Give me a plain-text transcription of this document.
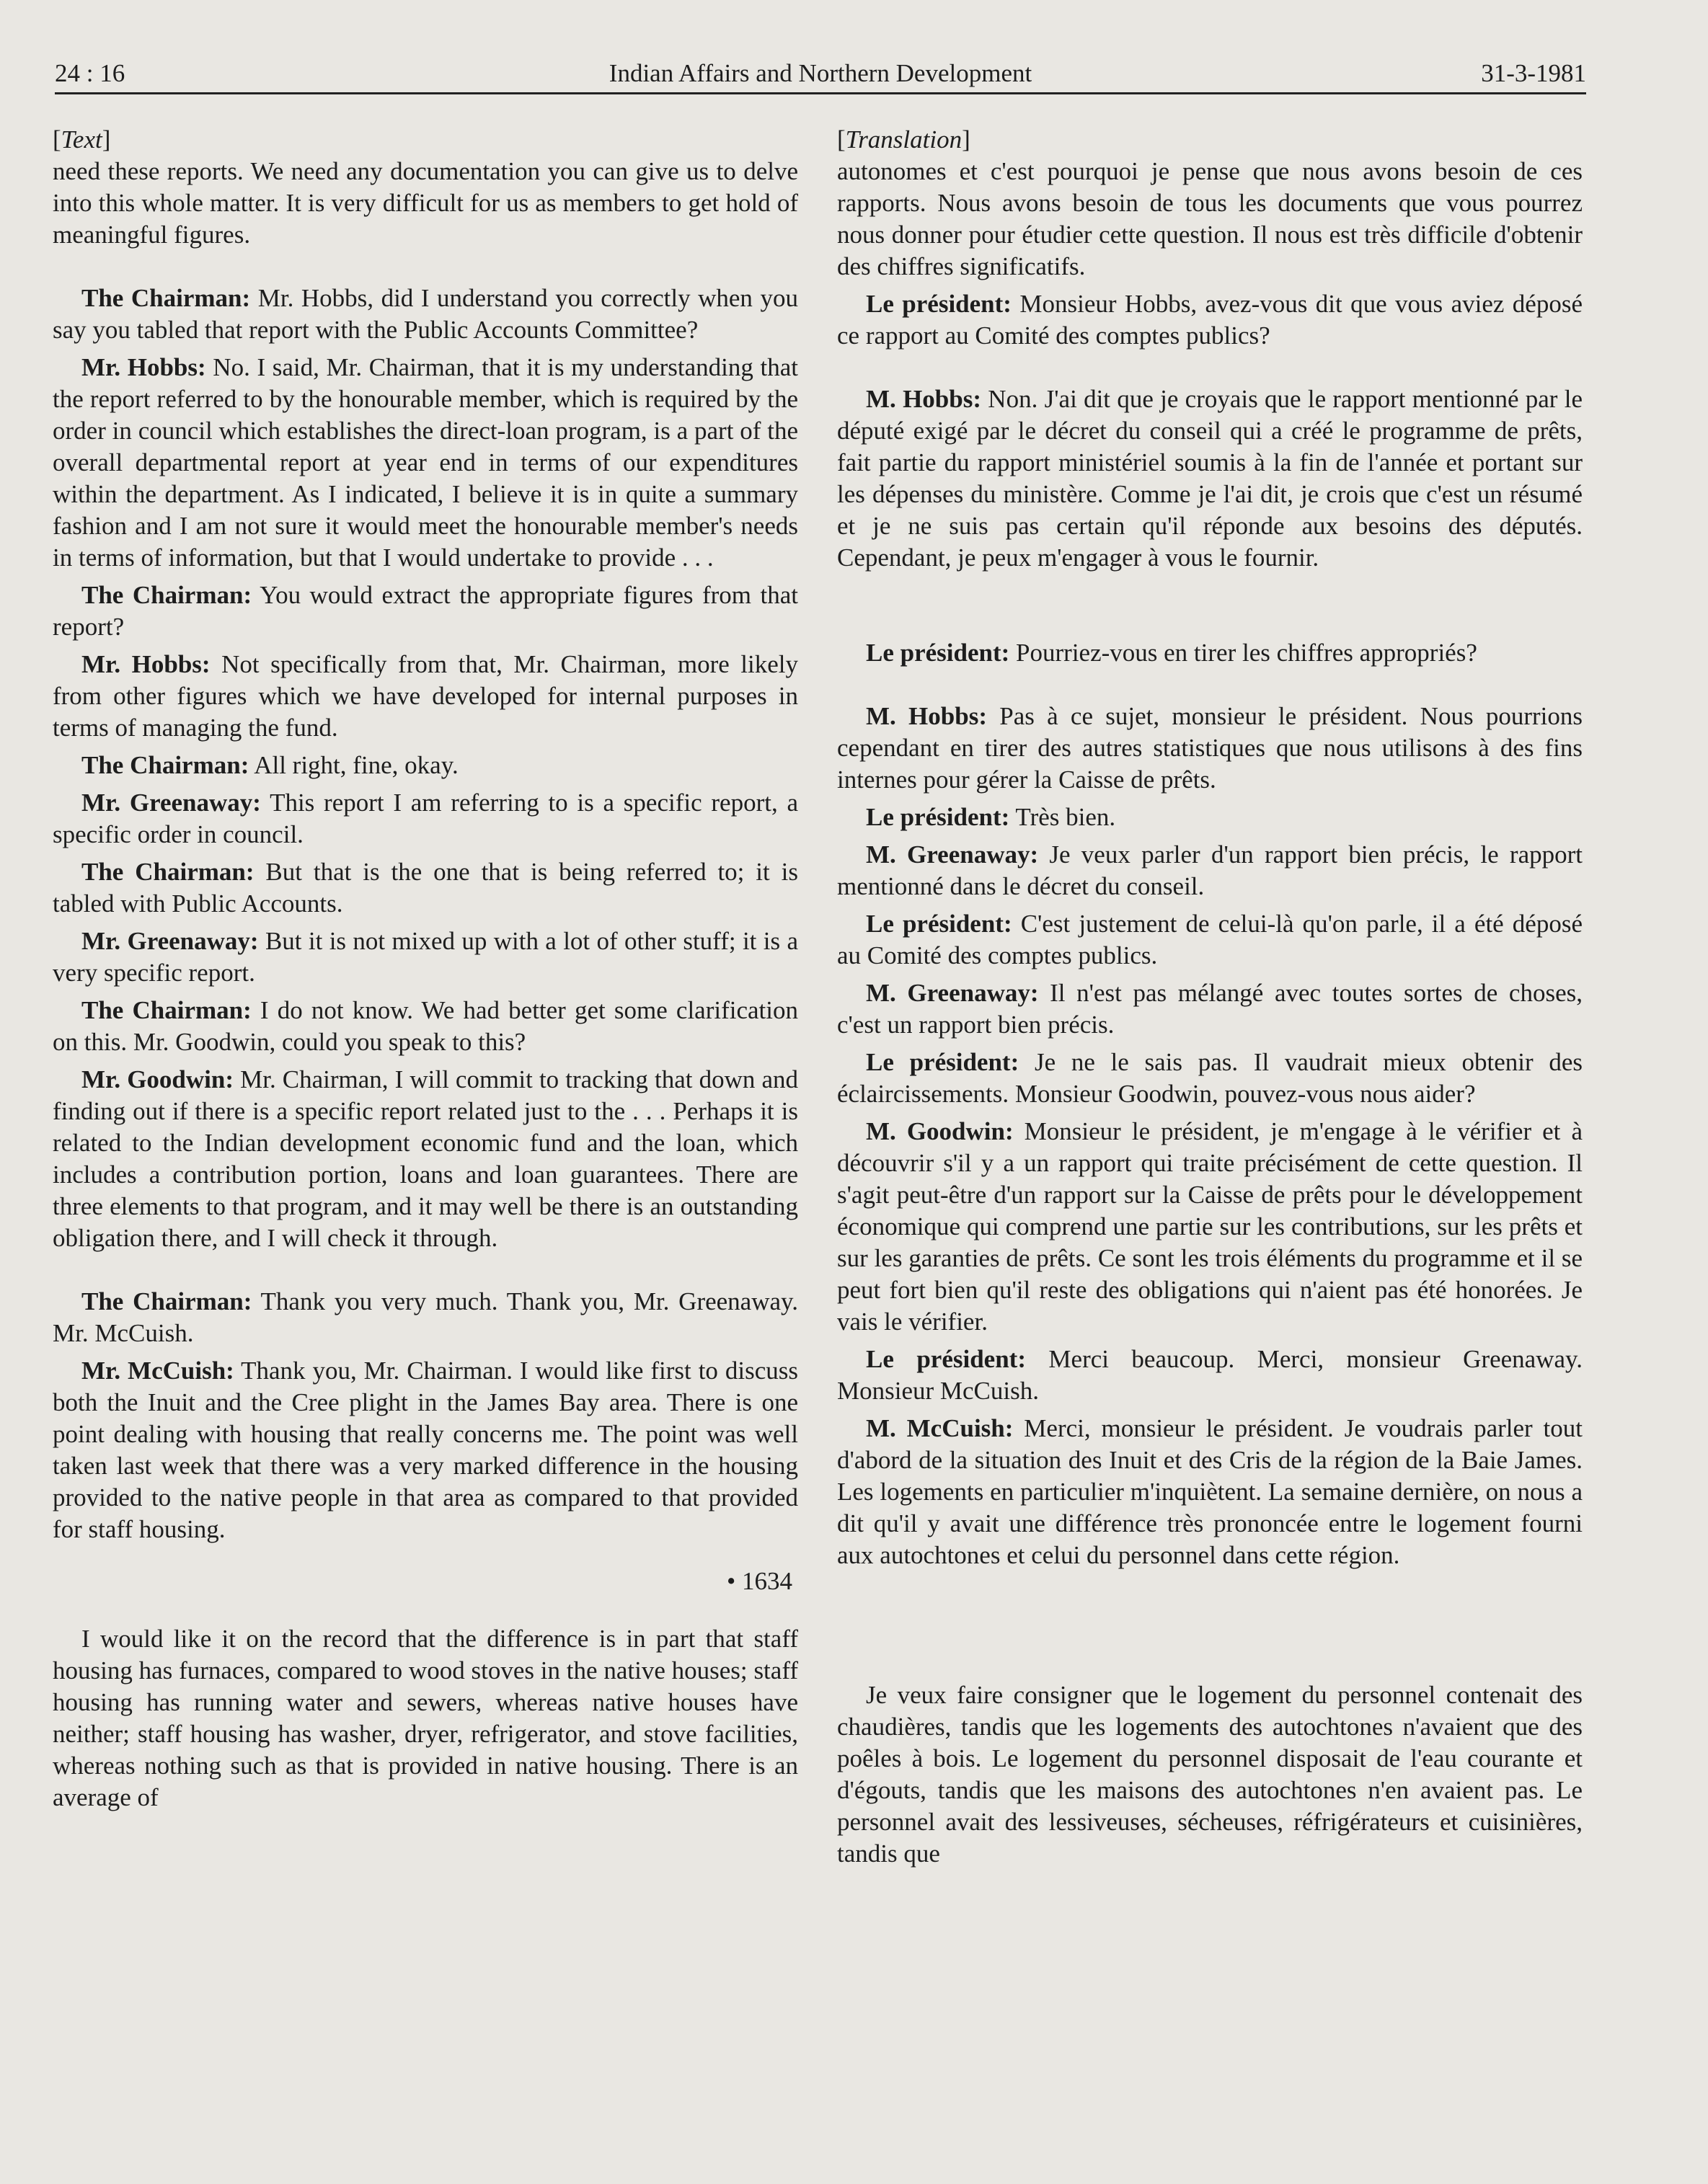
24 : 16	Indian Affairs and Northern Development	31-3-1981
[Text]

need these reports. We need any documentation you can give us to delve into this whole matter. It is very difficult for us as members to get hold of meaningful figures.

The Chairman: Mr. Hobbs, did I understand you correctly when you say you tabled that report with the Public Accounts Committee?

Mr. Hobbs: No. I said, Mr. Chairman, that it is my understanding that the report referred to by the honourable member, which is required by the order in council which establishes the direct-loan program, is a part of the overall departmental report at year end in terms of our expenditures within the department. As I indicated, I believe it is in quite a summary fashion and I am not sure it would meet the honourable member's needs in terms of information, but that I would undertake to provide . . .

The Chairman: You would extract the appropriate figures from that report?

Mr. Hobbs: Not specifically from that, Mr. Chairman, more likely from other figures which we have developed for internal purposes in terms of managing the fund.

The Chairman: All right, fine, okay.

Mr. Greenaway: This report I am referring to is a specific report, a specific order in council.

The Chairman: But that is the one that is being referred to; it is tabled with Public Accounts.

Mr. Greenaway: But it is not mixed up with a lot of other stuff; it is a very specific report.

The Chairman: I do not know. We had better get some clarification on this. Mr. Goodwin, could you speak to this?

Mr. Goodwin: Mr. Chairman, I will commit to tracking that down and finding out if there is a specific report related just to the . . . Perhaps it is related to the Indian development economic fund and the loan, which includes a contribution portion, loans and loan guarantees. There are three elements to that program, and it may well be there is an outstanding obligation there, and I will check it through.

The Chairman: Thank you very much. Thank you, Mr. Greenaway. Mr. McCuish.

Mr. McCuish: Thank you, Mr. Chairman. I would like first to discuss both the Inuit and the Cree plight in the James Bay area. There is one point dealing with housing that really concerns me. The point was well taken last week that there was a very marked difference in the housing provided to the native people in that area as compared to that provided for staff housing.

• 1634

I would like it on the record that the difference is in part that staff housing has furnaces, compared to wood stoves in the native houses; staff housing has running water and sewers, whereas native houses have neither; staff housing has washer, dryer, refrigerator, and stove facilities, whereas nothing such as that is provided in native housing. There is an average of

[Translation]

autonomes et c'est pourquoi je pense que nous avons besoin de ces rapports. Nous avons besoin de tous les documents que vous pourrez nous donner pour étudier cette question. Il nous est très difficile d'obtenir des chiffres significatifs.

Le président: Monsieur Hobbs, avez-vous dit que vous aviez déposé ce rapport au Comité des comptes publics?

M. Hobbs: Non. J'ai dit que je croyais que le rapport mentionné par le député exigé par le décret du conseil qui a créé le programme de prêts, fait partie du rapport ministériel soumis à la fin de l'année et portant sur les dépenses du ministère. Comme je l'ai dit, je crois que c'est un résumé et je ne suis pas certain qu'il réponde aux besoins des députés. Cependant, je peux m'engager à vous le fournir.

Le président: Pourriez-vous en tirer les chiffres appropriés?

M. Hobbs: Pas à ce sujet, monsieur le président. Nous pourrions cependant en tirer des autres statistiques que nous utilisons à des fins internes pour gérer la Caisse de prêts.

Le président: Très bien.

M. Greenaway: Je veux parler d'un rapport bien précis, le rapport mentionné dans le décret du conseil.

Le président: C'est justement de celui-là qu'on parle, il a été déposé au Comité des comptes publics.

M. Greenaway: Il n'est pas mélangé avec toutes sortes de choses, c'est un rapport bien précis.

Le président: Je ne le sais pas. Il vaudrait mieux obtenir des éclaircissements. Monsieur Goodwin, pouvez-vous nous aider?

M. Goodwin: Monsieur le président, je m'engage à le vérifier et à découvrir s'il y a un rapport qui traite précisément de cette question. Il s'agit peut-être d'un rapport sur la Caisse de prêts pour le développement économique qui comprend une partie sur les contributions, sur les prêts et sur les garanties de prêts. Ce sont les trois éléments du programme et il se peut fort bien qu'il reste des obligations qui n'aient pas été honorées. Je vais le vérifier.

Le président: Merci beaucoup. Merci, monsieur Greenaway. Monsieur McCuish.

M. McCuish: Merci, monsieur le président. Je voudrais parler tout d'abord de la situation des Inuit et des Cris de la région de la Baie James. Les logements en particulier m'inquiètent. La semaine dernière, on nous a dit qu'il y avait une différence très prononcée entre le logement fourni aux autochtones et celui du personnel dans cette région.

Je veux faire consigner que le logement du personnel contenait des chaudières, tandis que les logements des autochtones n'avaient que des poêles à bois. Le logement du personnel disposait de l'eau courante et d'égouts, tandis que les maisons des autochtones n'en avaient pas. Le personnel avait des lessiveuses, sécheuses, réfrigérateurs et cuisinières, tandis que
